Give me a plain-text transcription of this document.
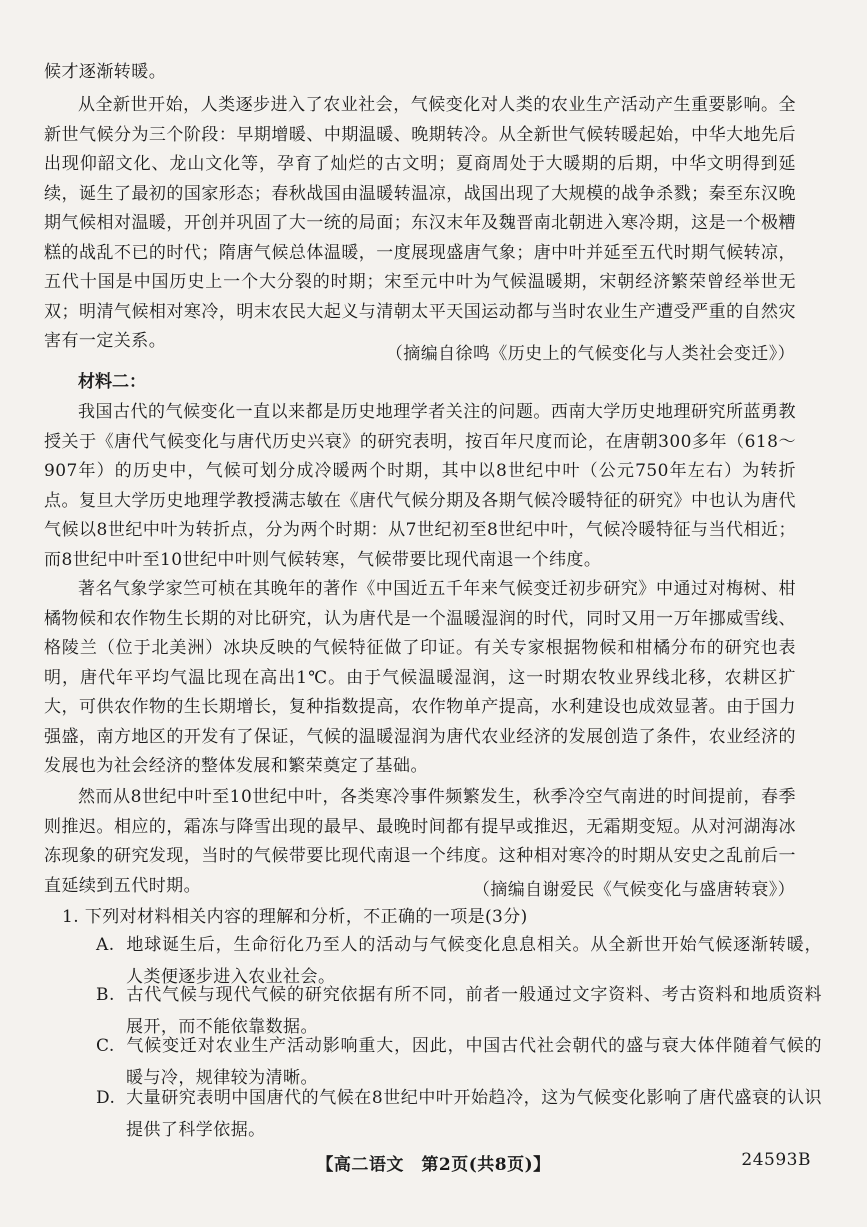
候才逐渐转暖。

从全新世开始，人类逐步进入了农业社会，气候变化对人类的农业生产活动产生重要影响。全新世气候分为三个阶段：早期增暖、中期温暖、晚期转冷。从全新世气候转暖起始，中华大地先后出现仰韶文化、龙山文化等，孕育了灿烂的古文明；夏商周处于大暖期的后期，中华文明得到延续，诞生了最初的国家形态；春秋战国由温暖转温凉，战国出现了大规模的战争杀戮；秦至东汉晚期气候相对温暖，开创并巩固了大一统的局面；东汉末年及魏晋南北朝进入寒冷期，这是一个极糟糕的战乱不已的时代；隋唐气候总体温暖，一度展现盛唐气象；唐中叶并延至五代时期气候转凉，五代十国是中国历史上一个大分裂的时期；宋至元中叶为气候温暖期，宋朝经济繁荣曾经举世无双；明清气候相对寒冷，明末农民大起义与清朝太平天国运动都与当时农业生产遭受严重的自然灾害有一定关系。

（摘编自徐鸣《历史上的气候变化与人类社会变迁》）

材料二：

我国古代的气候变化一直以来都是历史地理学者关注的问题。西南大学历史地理研究所蓝勇教授关于《唐代气候变化与唐代历史兴衰》的研究表明，按百年尺度而论，在唐朝300多年（618～907年）的历史中，气候可划分成冷暖两个时期，其中以8世纪中叶（公元750年左右）为转折点。复旦大学历史地理学教授满志敏在《唐代气候分期及各期气候冷暖特征的研究》中也认为唐代气候以8世纪中叶为转折点，分为两个时期：从7世纪初至8世纪中叶，气候冷暖特征与当代相近；而8世纪中叶至10世纪中叶则气候转寒，气候带要比现代南退一个纬度。

著名气象学家竺可桢在其晚年的著作《中国近五千年来气候变迁初步研究》中通过对梅树、柑橘物候和农作物生长期的对比研究，认为唐代是一个温暖湿润的时代，同时又用一万年挪威雪线、格陵兰（位于北美洲）冰块反映的气候特征做了印证。有关专家根据物候和柑橘分布的研究也表明，唐代年平均气温比现在高出1℃。由于气候温暖湿润，这一时期农牧业界线北移，农耕区扩大，可供农作物的生长期增长，复种指数提高，农作物单产提高，水利建设也成效显著。由于国力强盛，南方地区的开发有了保证，气候的温暖湿润为唐代农业经济的发展创造了条件，农业经济的发展也为社会经济的整体发展和繁荣奠定了基础。

然而从8世纪中叶至10世纪中叶，各类寒冷事件频繁发生，秋季冷空气南进的时间提前，春季则推迟。相应的，霜冻与降雪出现的最早、最晚时间都有提早或推迟，无霜期变短。从对河湖海冰冻现象的研究发现，当时的气候带要比现代南退一个纬度。这种相对寒冷的时期从安史之乱前后一直延续到五代时期。	（摘编自谢爱民《气候变化与盛唐转衰》）

1. 下列对材料相关内容的理解和分析，不正确的一项是(3分)

A. 地球诞生后，生命衍化乃至人的活动与气候变化息息相关。从全新世开始气候逐渐转暖，人类便逐步进入农业社会。

B. 古代气候与现代气候的研究依据有所不同，前者一般通过文字资料、考古资料和地质资料展开，而不能依靠数据。

C. 气候变迁对农业生产活动影响重大，因此，中国古代社会朝代的盛与衰大体伴随着气候的暖与冷，规律较为清晰。

D. 大量研究表明中国唐代的气候在8世纪中叶开始趋冷，这为气候变化影响了唐代盛衰的认识提供了科学依据。

【高二语文　第2页(共8页)】	24593B
